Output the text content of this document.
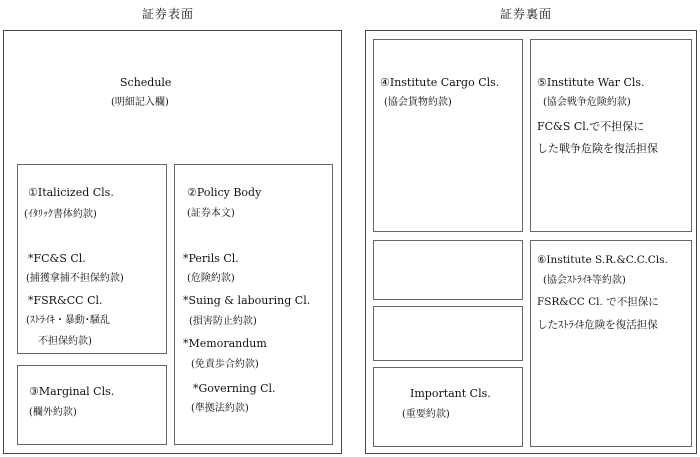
証券表面	証券裏面
Schedule
(明細記入欄)
①Italicized Cls.
(ｲﾀﾘｯｸ書体約款)
*FC&S Cl.
(捕獲拿捕不担保約款)
*FSR&CC Cl.
(ｽﾄﾗｲｷ・暴動･騒乱
不担保約款)
③Marginal Cls.
(欄外約款)
②Policy Body
(証券本文)
*Perils Cl.
(危険約款)
*Suing & labouring Cl.
(損害防止約款)
*Memorandum
(免責歩合約款)
*Governing Cl.
(準拠法約款)
④Institute Cargo Cls.
(協会貨物約款)
⑤Institute War Cls.
(協会戦争危険約款)
FC&S Cl.で不担保に
した戦争危険を復活担保
Important Cls.
(重要約款)
⑥Institute S.R.&C.C.Cls.
(協会ｽﾄﾗｲｷ等約款)
FSR&CC Cl. で不担保に
したｽﾄﾗｲｷ危険を復活担保
